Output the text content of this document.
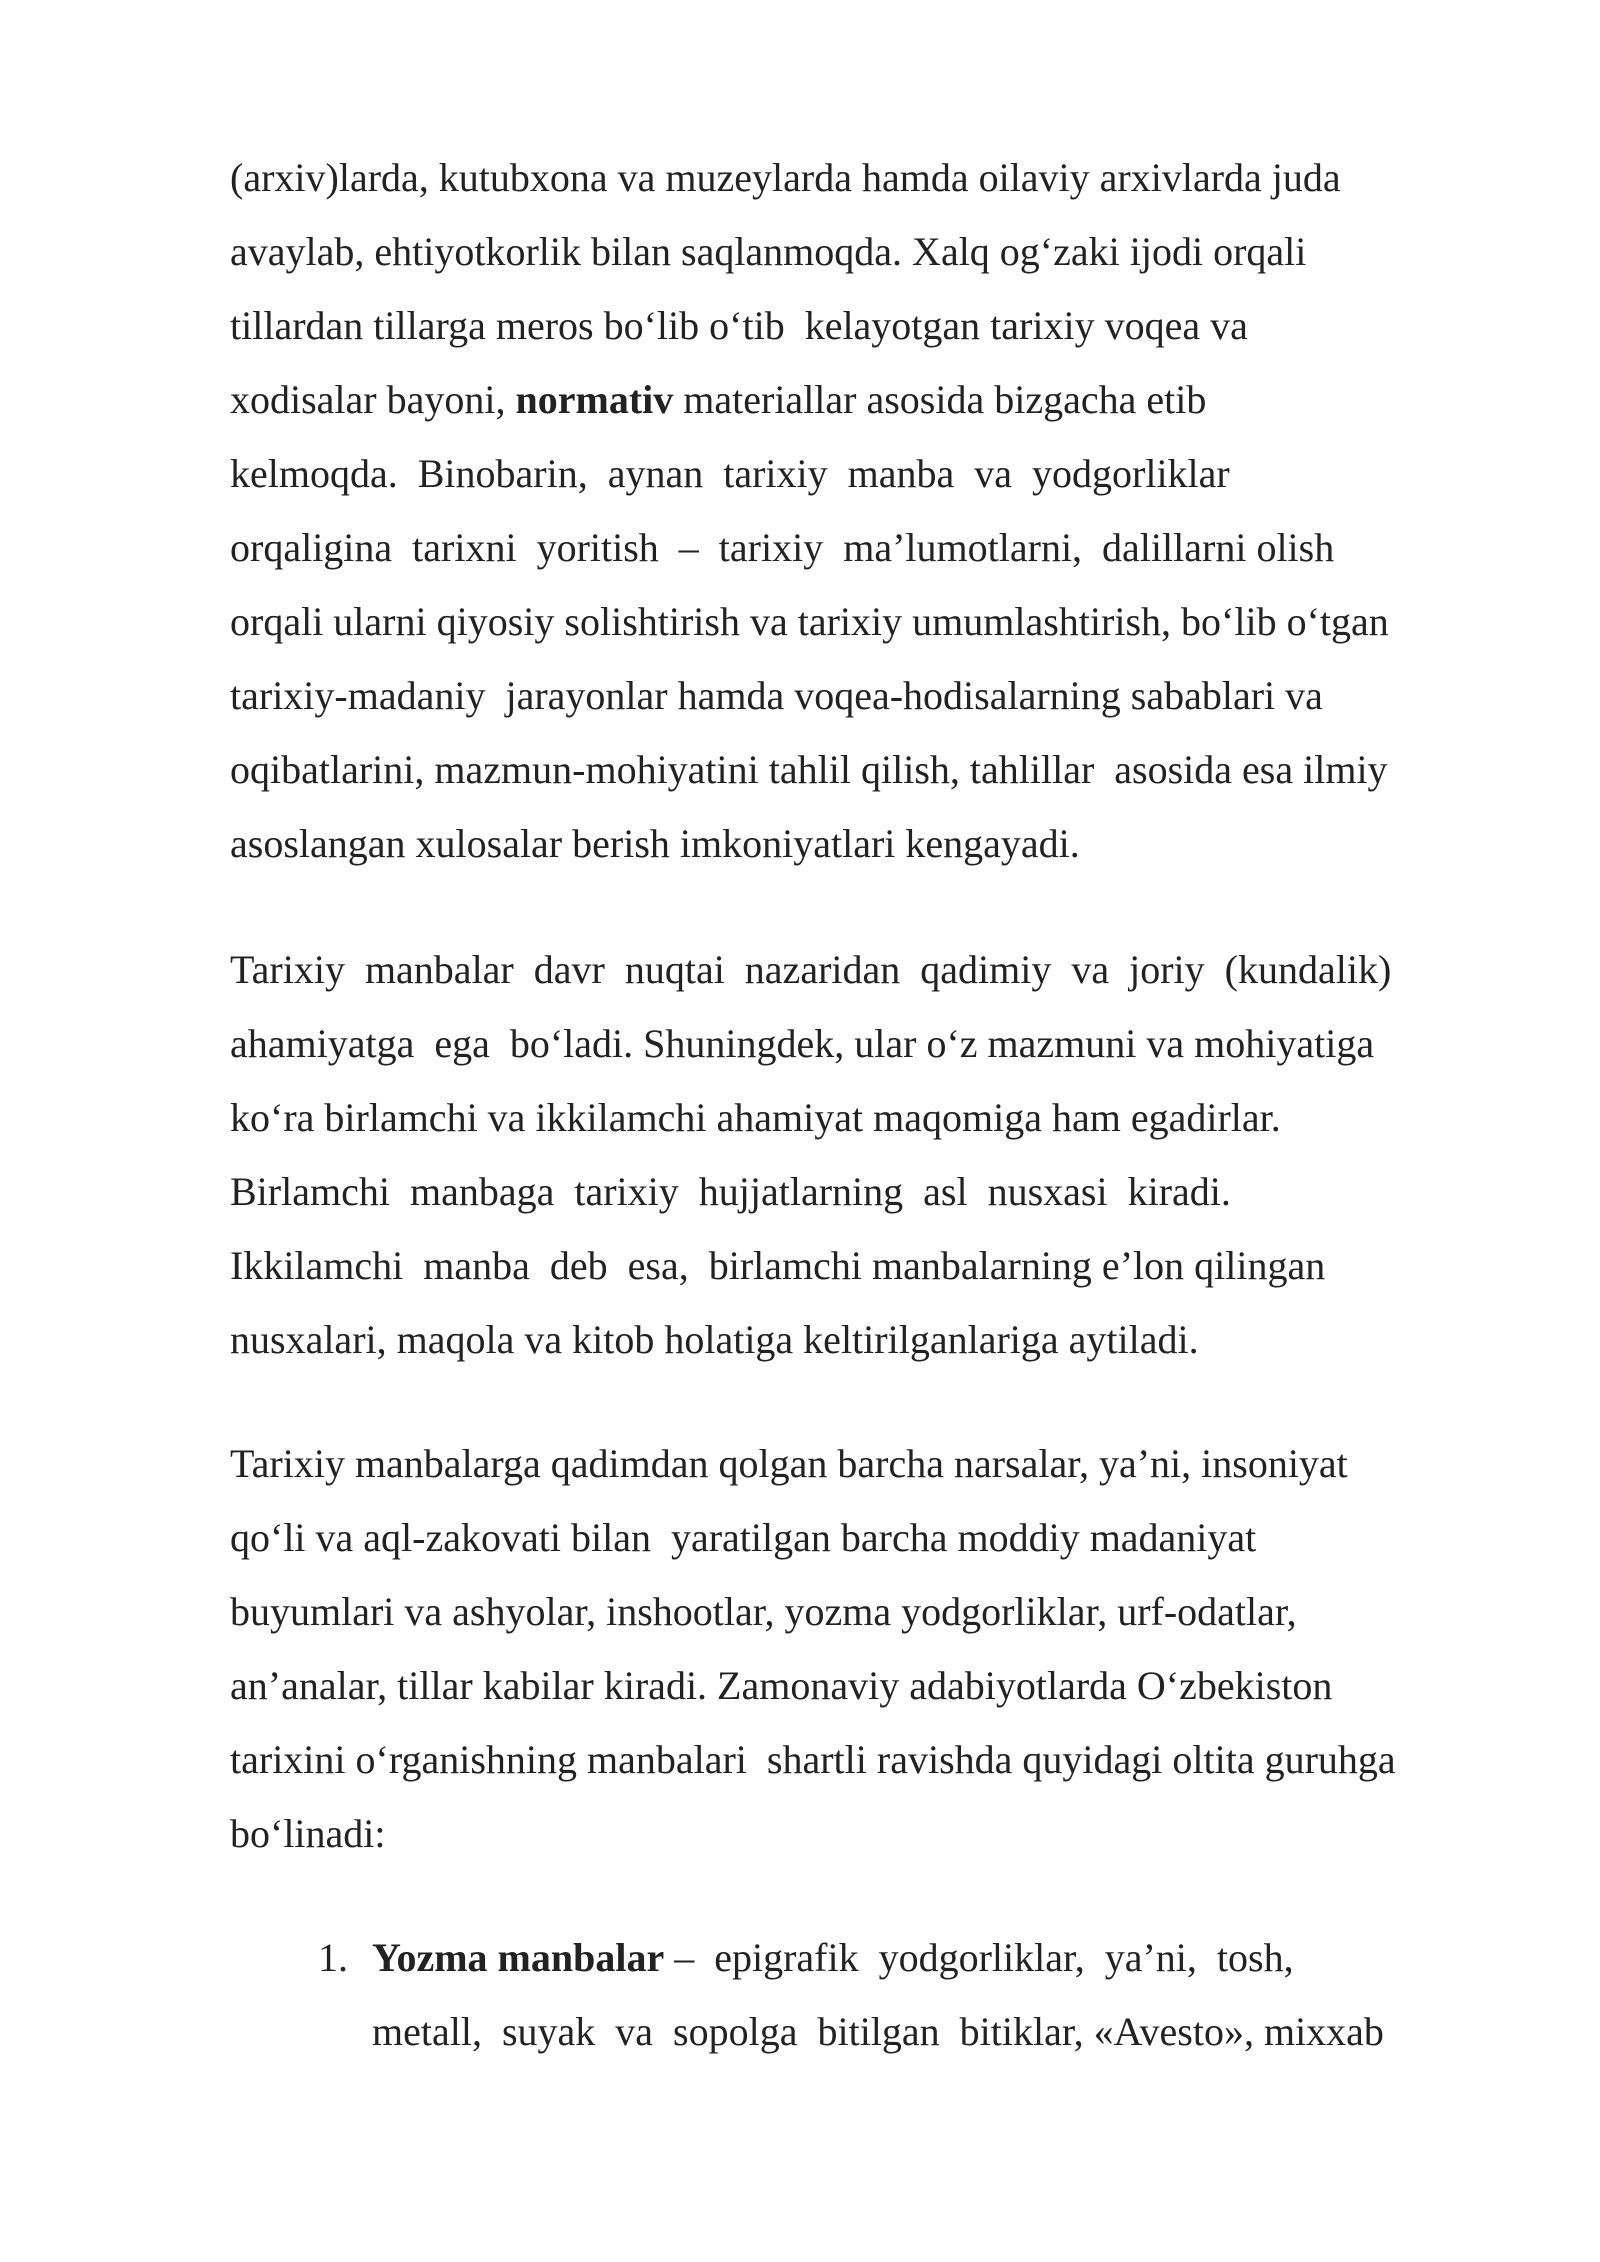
(arxiv)larda, kutubxona va muzeylarda hamda oilaviy arxivlarda juda

avaylab, ehtiyotkorlik bilan saqlanmoqda. Xalq og‘zaki ijodi orqali

tillardan tillarga meros bo‘lib o‘tib  kelayotgan tarixiy voqea va

xodisalar bayoni, normativ materiallar asosida bizgacha etib

kelmoqda.  Binobarin,  aynan  tarixiy  manba  va  yodgorliklar

orqaligina  tarixni  yoritish  –  tarixiy  ma’lumotlarni,  dalillarni olish

orqali ularni qiyosiy solishtirish va tarixiy umumlashtirish, bo‘lib o‘tgan

tarixiy-madaniy  jarayonlar hamda voqea-hodisalarning sabablari va

oqibatlarini, mazmun-mohiyatini tahlil qilish, tahlillar  asosida esa ilmiy

asoslangan xulosalar berish imkoniyatlari kengayadi.

Tarixiy  manbalar  davr  nuqtai  nazaridan  qadimiy  va  joriy  (kundalik)

ahamiyatga  ega  bo‘ladi. Shuningdek, ular o‘z mazmuni va mohiyatiga

ko‘ra birlamchi va ikkilamchi ahamiyat maqomiga ham egadirlar.

Birlamchi  manbaga  tarixiy  hujjatlarning  asl  nusxasi  kiradi.

Ikkilamchi  manba  deb  esa,  birlamchi manbalarning e’lon qilingan

nusxalari, maqola va kitob holatiga keltirilganlariga aytiladi.

Tarixiy manbalarga qadimdan qolgan barcha narsalar, ya’ni, insoniyat

qo‘li va aql-zakovati bilan  yaratilgan barcha moddiy madaniyat

buyumlari va ashyolar, inshootlar, yozma yodgorliklar, urf-odatlar,

an’analar, tillar kabilar kiradi. Zamonaviy adabiyotlarda O‘zbekiston

tarixini o‘rganishning manbalari  shartli ravishda quyidagi oltita guruhga

bo‘linadi:

1. Yozma manbalar –  epigrafik  yodgorliklar,  ya’ni,  tosh,

metall,  suyak  va  sopolga  bitilgan  bitiklar, «Avesto», mixxab
